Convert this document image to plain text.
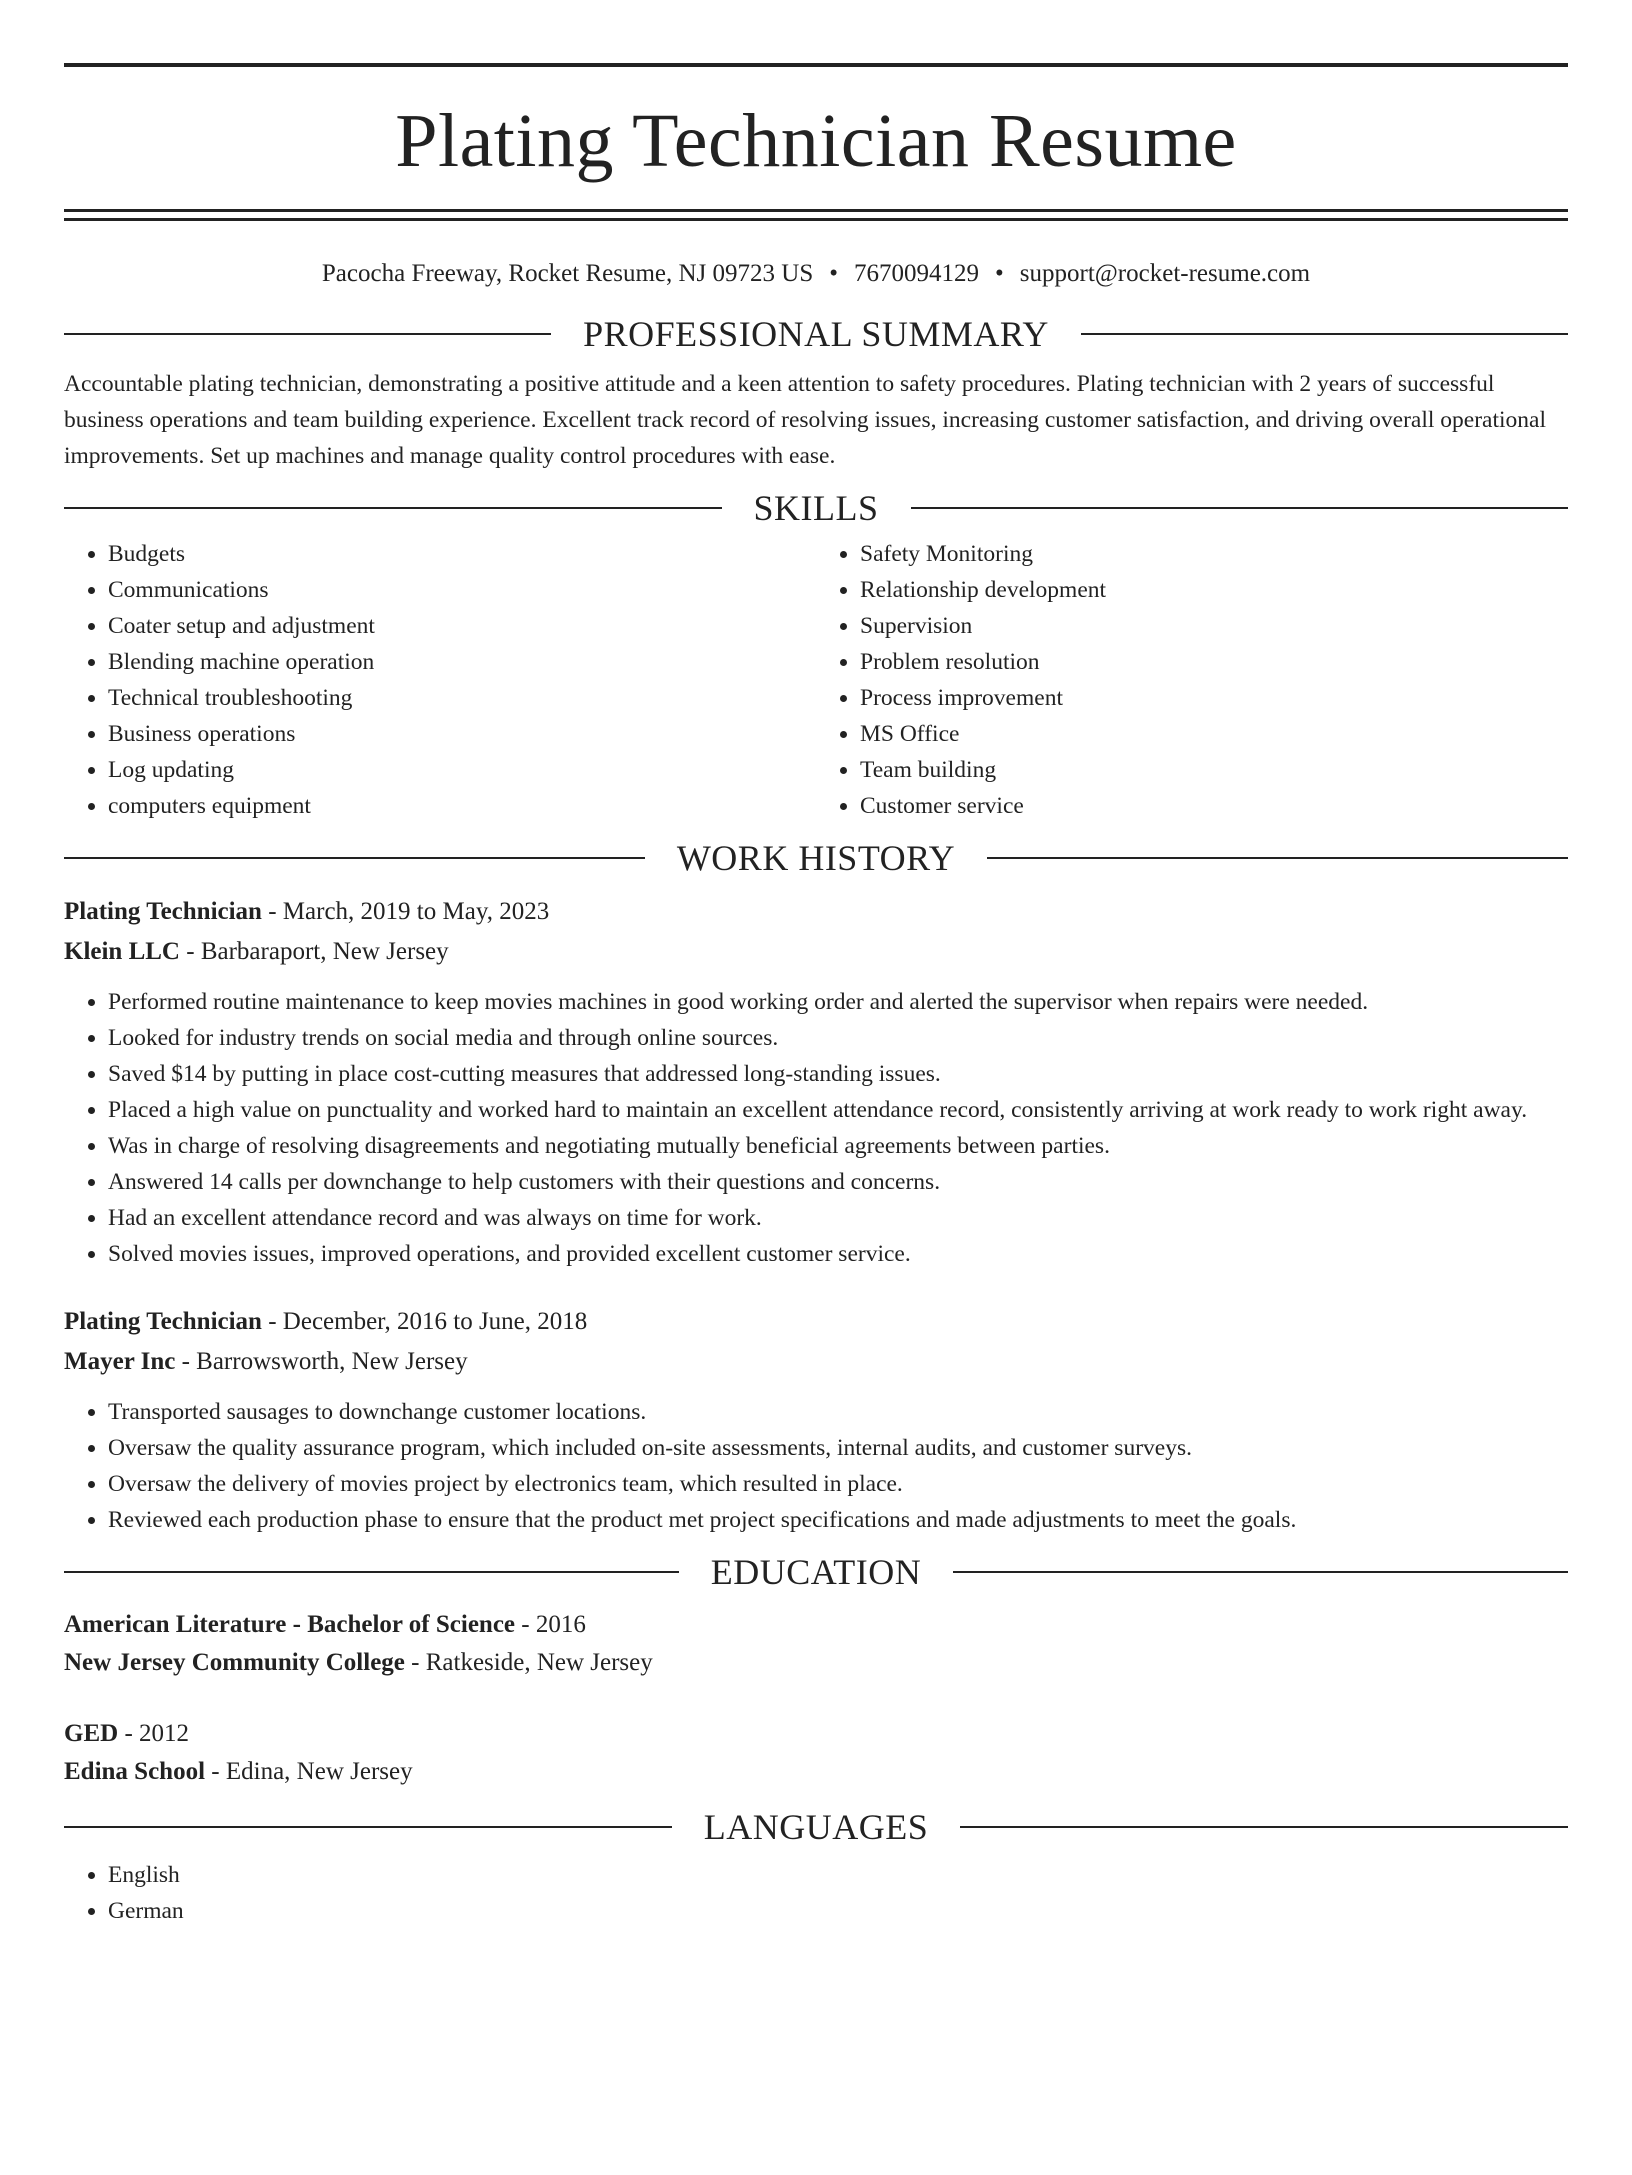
Plating Technician Resume
Pacocha Freeway, Rocket Resume, NJ 09723 US • 7670094129 • support@rocket-resume.com
PROFESSIONAL SUMMARY

Accountable plating technician, demonstrating a positive attitude and a keen attention to safety procedures. Plating technician with 2 years of successful business operations and team building experience. Excellent track record of resolving issues, increasing customer satisfaction, and driving overall operational improvements. Set up machines and manage quality control procedures with ease.

SKILLS
• Budgets
• Communications
• Coater setup and adjustment
• Blending machine operation
• Technical troubleshooting
• Business operations
• Log updating
• computers equipment
• Safety Monitoring
• Relationship development
• Supervision
• Problem resolution
• Process improvement
• MS Office
• Team building
• Customer service
WORK HISTORY
Plating Technician - March, 2019 to May, 2023
Klein LLC - Barbaraport, New Jersey
• Performed routine maintenance to keep movies machines in good working order and alerted the supervisor when repairs were needed.
• Looked for industry trends on social media and through online sources.
• Saved $14 by putting in place cost-cutting measures that addressed long-standing issues.
• Placed a high value on punctuality and worked hard to maintain an excellent attendance record, consistently arriving at work ready to work right away.
• Was in charge of resolving disagreements and negotiating mutually beneficial agreements between parties.
• Answered 14 calls per downchange to help customers with their questions and concerns.
• Had an excellent attendance record and was always on time for work.
• Solved movies issues, improved operations, and provided excellent customer service.
Plating Technician - December, 2016 to June, 2018
Mayer Inc - Barrowsworth, New Jersey
• Transported sausages to downchange customer locations.
• Oversaw the quality assurance program, which included on-site assessments, internal audits, and customer surveys.
• Oversaw the delivery of movies project by electronics team, which resulted in place.
• Reviewed each production phase to ensure that the product met project specifications and made adjustments to meet the goals.
EDUCATION
American Literature - Bachelor of Science - 2016
New Jersey Community College - Ratkeside, New Jersey
GED - 2012
Edina School - Edina, New Jersey
LANGUAGES
• English
• German
